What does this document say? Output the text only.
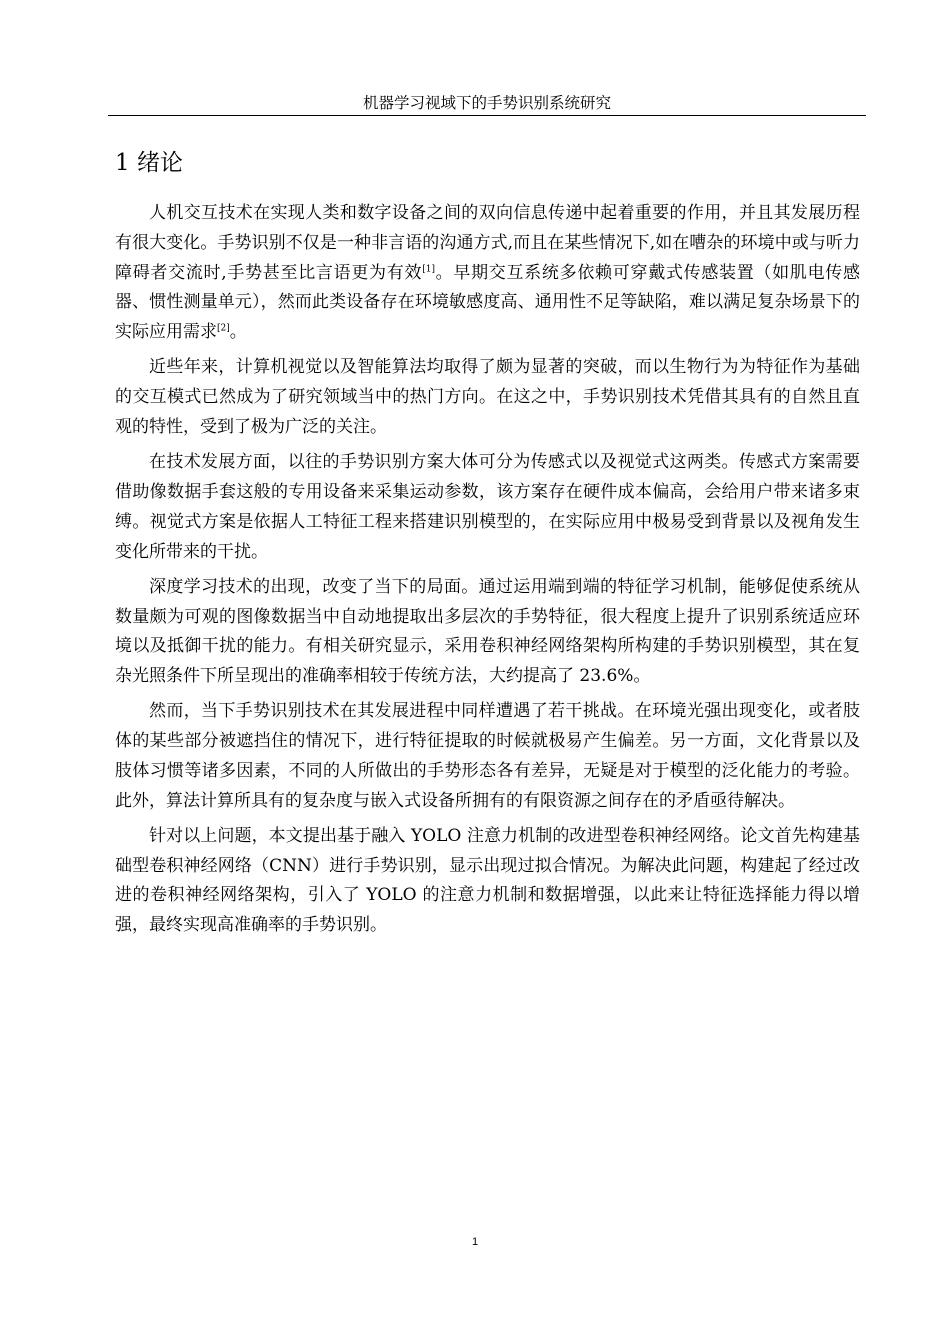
机器学习视域下的手势识别系统研究
1 绪论

人机交互技术在实现人类和数字设备之间的双向信息传递中起着重要的作用，并且其发展历程有很大变化。手势识别不仅是一种非言语的沟通方式,而且在某些情况下,如在嘈杂的环境中或与听力障碍者交流时,手势甚至比言语更为有效[1]。早期交互系统多依赖可穿戴式传感装置（如肌电传感器、惯性测量单元），然而此类设备存在环境敏感度高、通用性不足等缺陷，难以满足复杂场景下的实际应用需求[2]。

近些年来，计算机视觉以及智能算法均取得了颇为显著的突破，而以生物行为为特征作为基础的交互模式已然成为了研究领域当中的热门方向。在这之中，手势识别技术凭借其具有的自然且直观的特性，受到了极为广泛的关注。

在技术发展方面，以往的手势识别方案大体可分为传感式以及视觉式这两类。传感式方案需要借助像数据手套这般的专用设备来采集运动参数，该方案存在硬件成本偏高，会给用户带来诸多束缚。视觉式方案是依据人工特征工程来搭建识别模型的，在实际应用中极易受到背景以及视角发生变化所带来的干扰。

深度学习技术的出现，改变了当下的局面。通过运用端到端的特征学习机制，能够促使系统从数量颇为可观的图像数据当中自动地提取出多层次的手势特征，很大程度上提升了识别系统适应环境以及抵御干扰的能力。有相关研究显示，采用卷积神经网络架构所构建的手势识别模型，其在复杂光照条件下所呈现出的准确率相较于传统方法，大约提高了 23.6%。

然而，当下手势识别技术在其发展进程中同样遭遇了若干挑战。在环境光强出现变化，或者肢体的某些部分被遮挡住的情况下，进行特征提取的时候就极易产生偏差。另一方面，文化背景以及肢体习惯等诸多因素，不同的人所做出的手势形态各有差异，无疑是对于模型的泛化能力的考验。此外，算法计算所具有的复杂度与嵌入式设备所拥有的有限资源之间存在的矛盾亟待解决。

针对以上问题，本文提出基于融入 YOLO 注意力机制的改进型卷积神经网络。论文首先构建基础型卷积神经网络（CNN）进行手势识别，显示出现过拟合情况。为解决此问题，构建起了经过改进的卷积神经网络架构，引入了 YOLO 的注意力机制和数据增强，以此来让特征选择能力得以增强，最终实现高准确率的手势识别。

1
